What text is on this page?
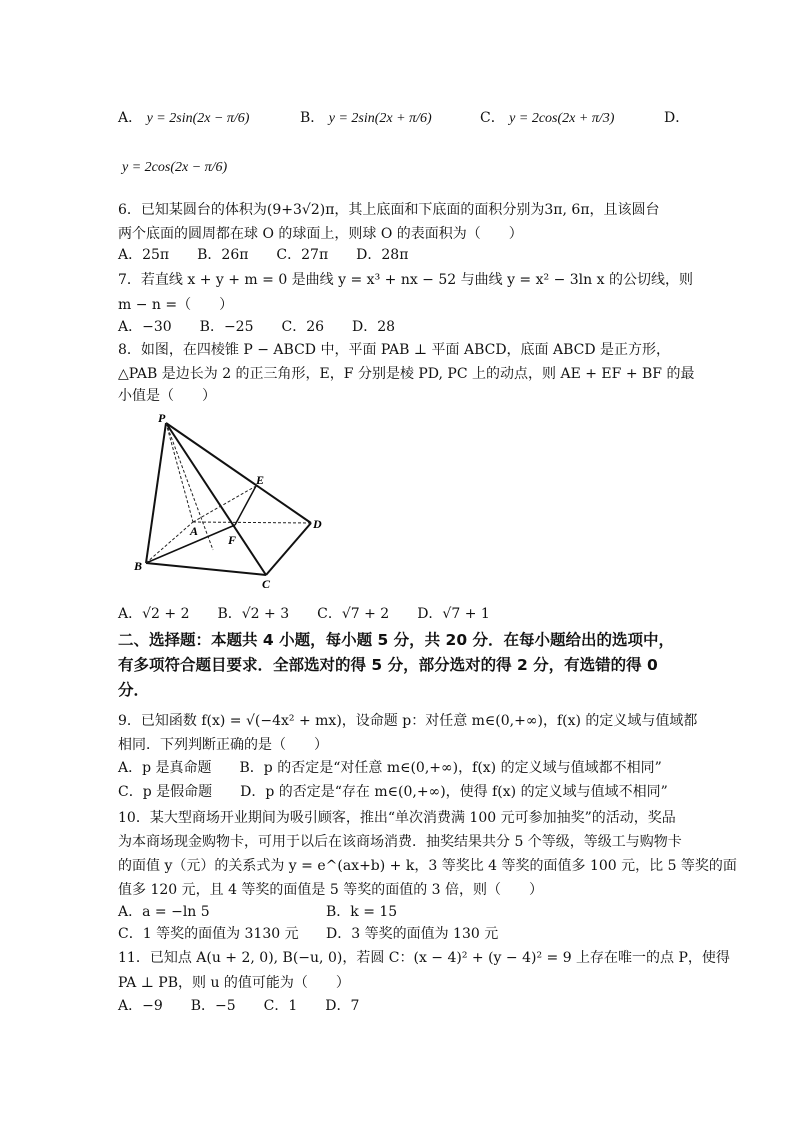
A． y = 2sin(2x − π/6)	B． y = 2sin(2x + π/6)	C． y = 2cos(2x + π/3)	D．
y = 2cos(2x − π/6)
6．已知某圆台的体积为(9+3√2)π，其上底面和下底面的面积分别为3π, 6π，且该圆台
两个底面的圆周都在球 O 的球面上，则球 O 的表面积为（　　）
A．25π　　B．26π　　C．27π　　D．28π
7．若直线 x + y + m = 0 是曲线 y = x³ + nx − 52 与曲线 y = x² − 3ln x 的公切线，则
m − n =（　　）
A．−30　　B．−25　　C．26　　D．28
8．如图，在四棱锥 P − ABCD 中，平面 PAB ⊥ 平面 ABCD，底面 ABCD 是正方形，
△PAB 是边长为 2 的正三角形，E，F 分别是棱 PD, PC 上的动点，则 AE + EF + BF 的最
小值是（　　）
P
A
B
C
D
E
F
A．√2 + 2　　B．√2 + 3　　C．√7 + 2　　D．√7 + 1
二、选择题：本题共 4 小题，每小题 5 分，共 20 分．在每小题给出的选项中，
有多项符合题目要求．全部选对的得 5 分，部分选对的得 2 分，有选错的得 0
分．
9．已知函数 f(x) = √(−4x² + mx)，设命题 p：对任意 m∈(0,+∞)，f(x) 的定义域与值域都
相同．下列判断正确的是（　　）
A．p 是真命题　　B．p 的否定是“对任意 m∈(0,+∞)，f(x) 的定义域与值域都不相同”
C．p 是假命题　　D．p 的否定是“存在 m∈(0,+∞)，使得 f(x) 的定义域与值域不相同”
10．某大型商场开业期间为吸引顾客，推出“单次消费满 100 元可参加抽奖”的活动，奖品
为本商场现金购物卡，可用于以后在该商场消费．抽奖结果共分 5 个等级，等级工与购物卡
的面值 y（元）的关系式为 y = e^(ax+b) + k，3 等奖比 4 等奖的面值多 100 元，比 5 等奖的面
值多 120 元，且 4 等奖的面值是 5 等奖的面值的 3 倍，则（　　）
A．a = −ln 5	B．k = 15
C．1 等奖的面值为 3130 元 D．3 等奖的面值为 130 元
11．已知点 A(u + 2, 0), B(−u, 0)，若圆 C：(x − 4)² + (y − 4)² = 9 上存在唯一的点 P，使得
PA ⊥ PB，则 u 的值可能为（　　）
A．−9　　B．−5　　C．1　　D．7
